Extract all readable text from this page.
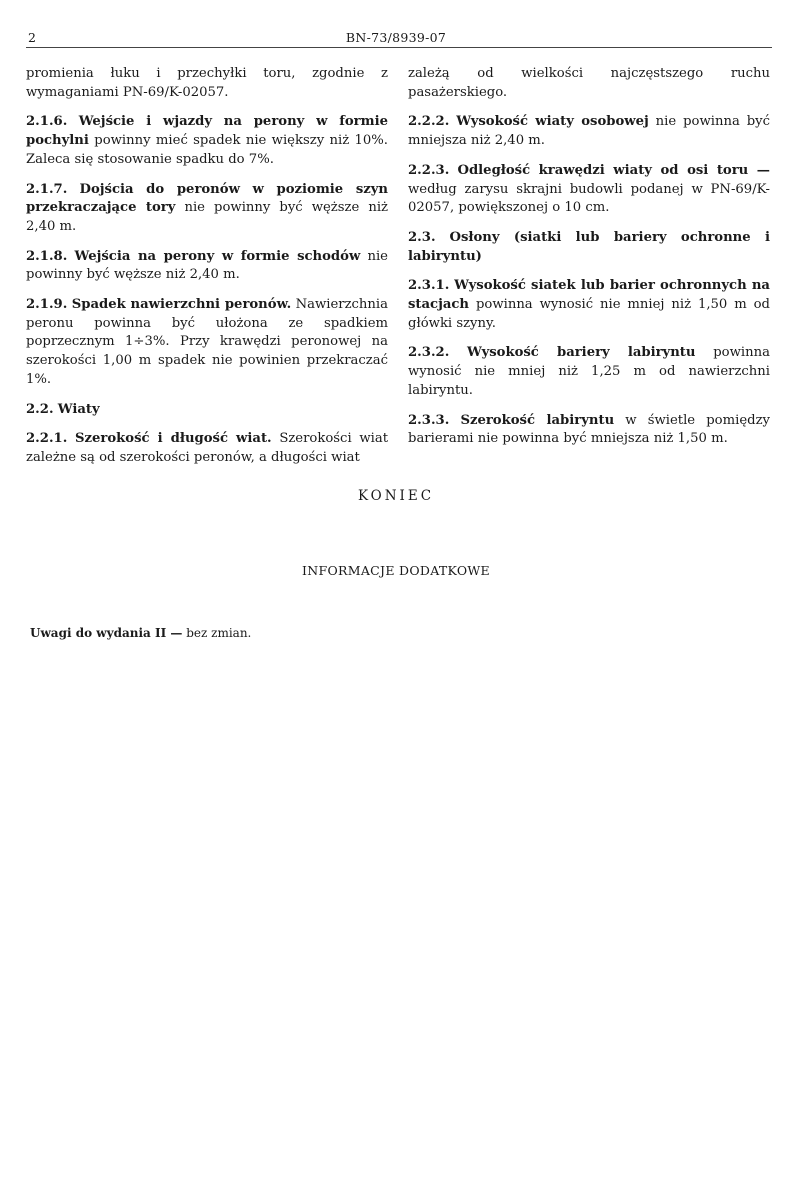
2	BN-73/8939-07

promienia łuku i przechyłki toru, zgodnie z wymaganiami PN-69/K-02057.

2.1.6. Wejście i wjazdy na perony w formie pochylni powinny mieć spadek nie większy niż 10%. Zaleca się stosowanie spadku do 7%.

2.1.7. Dojścia do peronów w poziomie szyn przekraczające tory nie powinny być węższe niż 2,40 m.

2.1.8. Wejścia na perony w formie schodów nie powinny być węższe niż 2,40 m.

2.1.9. Spadek nawierzchni peronów. Nawierzchnia peronu powinna być ułożona ze spadkiem poprzecznym 1÷3%. Przy krawędzi peronowej na szerokości 1,00 m spadek nie powinien przekraczać 1%.

2.2. Wiaty

2.2.1. Szerokość i długość wiat. Szerokości wiat zależne są od szerokości peronów, a długości wiat

zależą od wielkości najczęstszego ruchu pasażerskiego.

2.2.2. Wysokość wiaty osobowej nie powinna być mniejsza niż 2,40 m.

2.2.3. Odległość krawędzi wiaty od osi toru — według zarysu skrajni budowli podanej w PN-69/K-02057, powiększonej o 10 cm.

2.3. Osłony (siatki lub bariery ochronne i labiryntu)

2.3.1. Wysokość siatek lub barier ochronnych na stacjach powinna wynosić nie mniej niż 1,50 m od główki szyny.

2.3.2. Wysokość bariery labiryntu powinna wynosić nie mniej niż 1,25 m od nawierzchni labiryntu.

2.3.3. Szerokość labiryntu w świetle pomiędzy barierami nie powinna być mniejsza niż 1,50 m.

KONIEC
INFORMACJE DODATKOWE
Uwagi do wydania II — bez zmian.
